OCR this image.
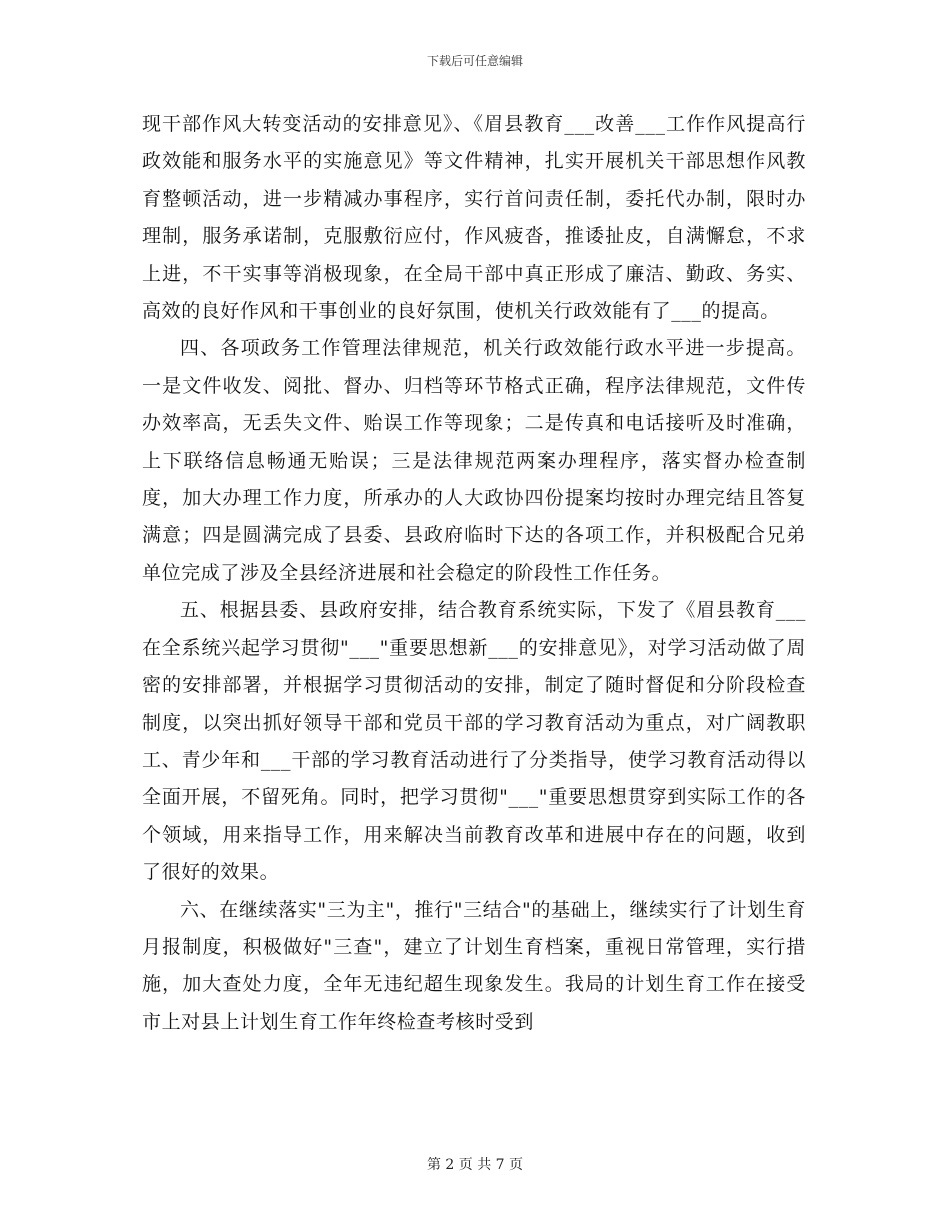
下载后可任意编辑

现干部作风大转变活动的安排意见》、《眉县教育___改善___工作作风提高行政效能和服务水平的实施意见》等文件精神，扎实开展机关干部思想作风教育整顿活动，进一步精减办事程序，实行首问责任制，委托代办制，限时办理制，服务承诺制，克服敷衍应付，作风疲沓，推诿扯皮，自满懈怠，不求上进，不干实事等消极现象，在全局干部中真正形成了廉洁、勤政、务实、高效的良好作风和干事创业的良好氛围，使机关行政效能有了___的提高。

四、各项政务工作管理法律规范，机关行政效能行政水平进一步提高。一是文件收发、阅批、督办、归档等环节格式正确，程序法律规范，文件传办效率高，无丢失文件、贻误工作等现象；二是传真和电话接听及时准确，上下联络信息畅通无贻误；三是法律规范两案办理程序，落实督办检查制度，加大办理工作力度，所承办的人大政协四份提案均按时办理完结且答复满意；四是圆满完成了县委、县政府临时下达的各项工作，并积极配合兄弟单位完成了涉及全县经济进展和社会稳定的阶段性工作任务。

五、根据县委、县政府安排，结合教育系统实际，下发了《眉县教育___在全系统兴起学习贯彻"___"重要思想新___的安排意见》，对学习活动做了周密的安排部署，并根据学习贯彻活动的安排，制定了随时督促和分阶段检查制度，以突出抓好领导干部和党员干部的学习教育活动为重点，对广阔教职工、青少年和___干部的学习教育活动进行了分类指导，使学习教育活动得以全面开展，不留死角。同时，把学习贯彻"___"重要思想贯穿到实际工作的各个领域，用来指导工作，用来解决当前教育改革和进展中存在的问题，收到了很好的效果。

六、在继续落实"三为主"，推行"三结合"的基础上，继续实行了计划生育月报制度，积极做好"三查"，建立了计划生育档案，重视日常管理，实行措施，加大查处力度，全年无违纪超生现象发生。我局的计划生育工作在接受市上对县上计划生育工作年终检查考核时受到

第 2 页 共 7 页
